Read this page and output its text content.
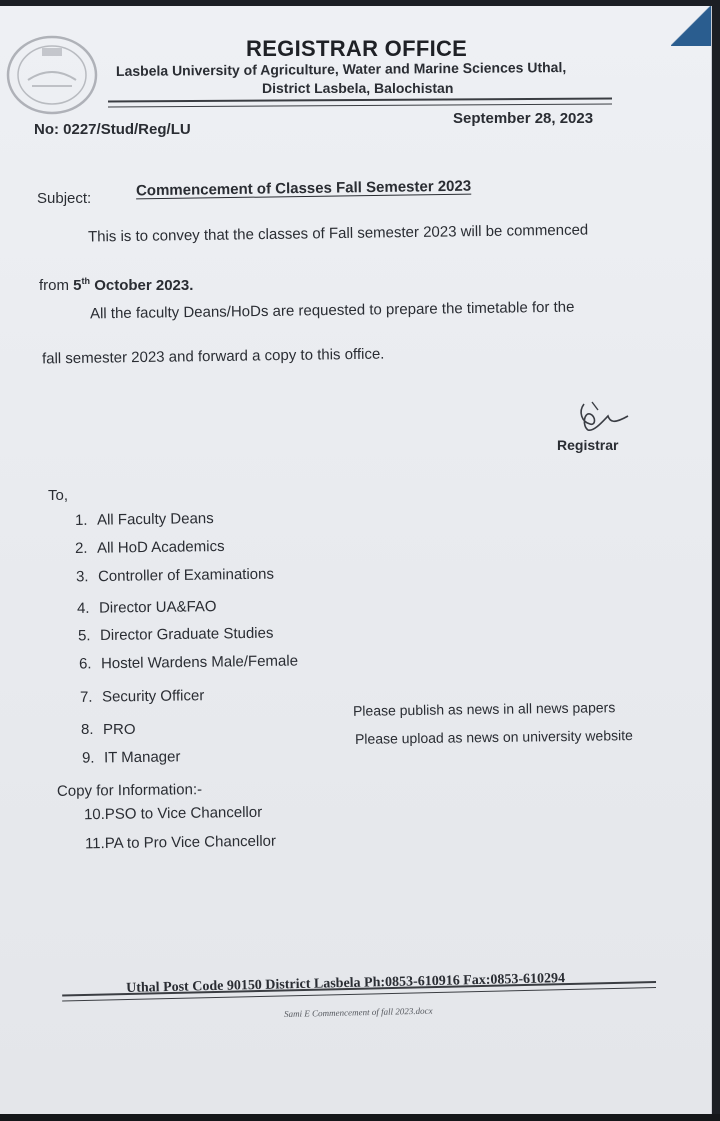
REGISTRAR OFFICE
Lasbela University of Agriculture, Water and Marine Sciences Uthal,
District Lasbela, Balochistan
No: 0227/Stud/Reg/LU
September 28, 2023
Subject:	Commencement of Classes Fall Semester 2023
This is to convey that the classes of Fall semester 2023 will be commenced
from 5th October 2023.
All the faculty Deans/HoDs are requested to prepare the timetable for the
fall semester 2023 and forward a copy to this office.
Registrar
To,
1. All Faculty Deans
2. All HoD Academics
3. Controller of Examinations
4. Director UA&FAO
5. Director Graduate Studies
6. Hostel Wardens Male/Female
7. Security Officer
8. PRO
Please publish as news in all news papers
9. IT Manager
Please upload as news on university website
Copy for Information:-
10.PSO to Vice Chancellor
11.PA to Pro Vice Chancellor
Uthal Post Code 90150 District Lasbela Ph:0853-610916 Fax:0853-610294
Sami E Commencement of fall 2023.docx
